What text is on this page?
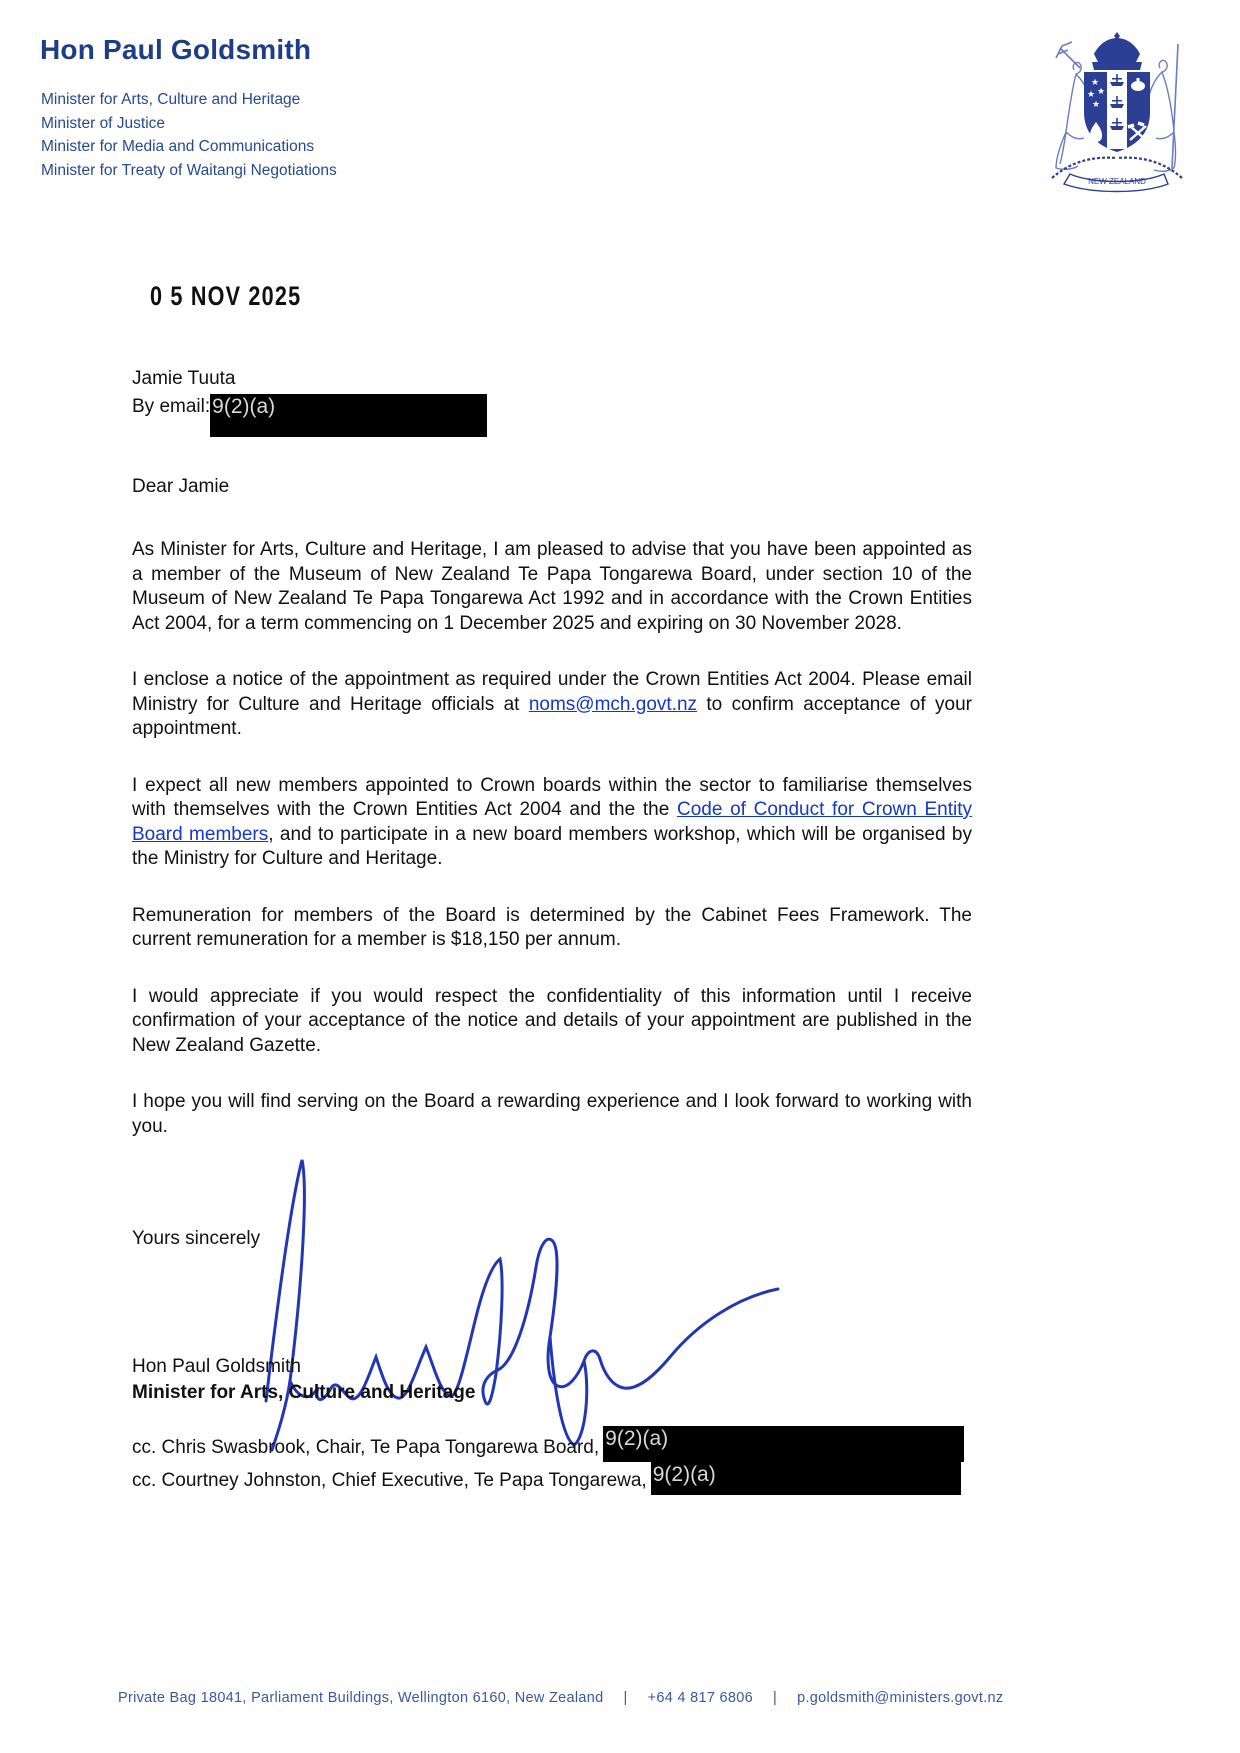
Hon Paul Goldsmith
Minister for Arts, Culture and Heritage
Minister of Justice
Minister for Media and Communications
Minister for Treaty of Waitangi Negotiations
★
★ ★
★
NEW ZEALAND
0 5 NOV 2025
Jamie Tuuta
By email: 9(2)(a)
Dear Jamie

As Minister for Arts, Culture and Heritage, I am pleased to advise that you have been appointed as a member of the Museum of New Zealand Te Papa Tongarewa Board, under section 10 of the Museum of New Zealand Te Papa Tongarewa Act 1992 and in accordance with the Crown Entities Act 2004, for a term commencing on 1 December 2025 and expiring on 30 November 2028.

I enclose a notice of the appointment as required under the Crown Entities Act 2004. Please email Ministry for Culture and Heritage officials at noms@mch.govt.nz to confirm acceptance of your appointment.

I expect all new members appointed to Crown boards within the sector to familiarise themselves with themselves with the Crown Entities Act 2004 and the the Code of Conduct for Crown Entity Board members, and to participate in a new board members workshop, which will be organised by the Ministry for Culture and Heritage.

Remuneration for members of the Board is determined by the Cabinet Fees Framework. The current remuneration for a member is $18,150 per annum.

I would appreciate if you would respect the confidentiality of this information until I receive confirmation of your acceptance of the notice and details of your appointment are published in the New Zealand Gazette.

I hope you will find serving on the Board a rewarding experience and I look forward to working with you.

Yours sincerely
Hon Paul Goldsmith
Minister for Arts, Culture and Heritage
cc. Chris Swasbrook, Chair, Te Papa Tongarewa Board, 9(2)(a)
cc. Courtney Johnston, Chief Executive, Te Papa Tongarewa, 9(2)(a)
Private Bag 18041, Parliament Buildings, Wellington 6160, New Zealand | +64 4 817 6806 | p.goldsmith@ministers.govt.nz
